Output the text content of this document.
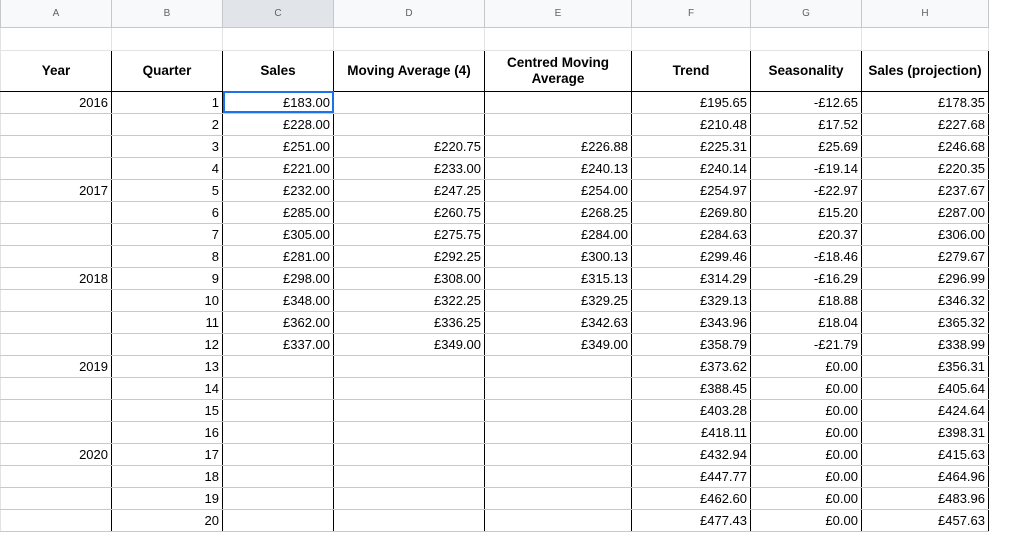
A	B	C	D	E	F	G	H

Year	Quarter	Sales	Moving Average (4)	Centred Moving Average	Trend	Seasonality	Sales (projection)
2016	1	£183.00			£195.65	-£12.65	£178.35
	2	£228.00			£210.48	£17.52	£227.68
	3	£251.00	£220.75	£226.88	£225.31	£25.69	£246.68
	4	£221.00	£233.00	£240.13	£240.14	-£19.14	£220.35
2017	5	£232.00	£247.25	£254.00	£254.97	-£22.97	£237.67
	6	£285.00	£260.75	£268.25	£269.80	£15.20	£287.00
	7	£305.00	£275.75	£284.00	£284.63	£20.37	£306.00
	8	£281.00	£292.25	£300.13	£299.46	-£18.46	£279.67
2018	9	£298.00	£308.00	£315.13	£314.29	-£16.29	£296.99
	10	£348.00	£322.25	£329.25	£329.13	£18.88	£346.32
	11	£362.00	£336.25	£342.63	£343.96	£18.04	£365.32
	12	£337.00	£349.00	£349.00	£358.79	-£21.79	£338.99
2019	13				£373.62	£0.00	£356.31
	14				£388.45	£0.00	£405.64
	15				£403.28	£0.00	£424.64
	16				£418.11	£0.00	£398.31
2020	17				£432.94	£0.00	£415.63
	18				£447.77	£0.00	£464.96
	19				£462.60	£0.00	£483.96
	20				£477.43	£0.00	£457.63
